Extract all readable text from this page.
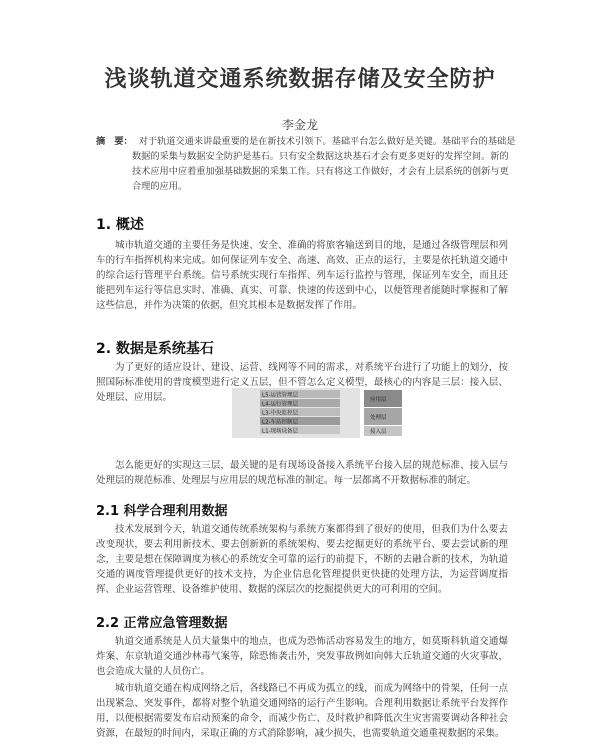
浅谈轨道交通系统数据存储及安全防护
李金龙
摘　要： 对于轨道交通来讲最重要的是在新技术引领下。基础平台怎么做好是关键。基础平台的基础是数据的采集与数据安全防护是基石。只有安全数据这块基石才会有更多更好的发挥空间。新的技术应用中应着重加强基础数据的采集工作。只有将这工作做好，才会有上层系统的创新与更合理的应用。
1. 概述
城市轨道交通的主要任务是快速、安全、准确的将旅客输送到目的地，是通过各级管理层和列车的行车指挥机构来完成。如何保证列车安全、高速、高效、正点的运行，主要是依托轨道交通中的综合运行管理平台系统。信号系统实现行车指挥、列车运行监控与管理，保证列车安全，而且还能把列车运行等信息实时、准确、真实、可靠、快速的传送到中心，以便管理者能随时掌握和了解这些信息，并作为决策的依据，但究其根本是数据发挥了作用。
2. 数据是系统基石
为了更好的适应设计、建设、运营、线网等不同的需求，对系统平台进行了功能上的划分，按照国际标准使用的普度模型进行定义五层，但不管怎么定义模型，最核心的内容是三层：接入层、处理层、应用层。	L5-运营管理层
L4-运行管理层
L3-中央监控层
L2-车站控制层
L1-现场设备层
应用层
处理层
接入层
怎么能更好的实现这三层，最关键的是有现场设备接入系统平台接入层的规范标准、接入层与处理层的规范标准、处理层与应用层的规范标准的制定。每一层都离不开数据标准的制定。
2.1 科学合理利用数据
技术发展到今天，轨道交通传统系统架构与系统方案都得到了很好的使用，但我们为什么要去改变现状，要去利用新技术、要去创新新的系统架构、要去挖掘更好的系统平台、要去尝试新的理念，主要是想在保障调度为核心的系统安全可靠的运行的前提下，不断的去融合新的技术，为轨道交通的调度管理提供更好的技术支持，为企业信息化管理提供更快捷的处理方法，为运营调度指挥、企业运营管理、设备维护使用、数据的深层次的挖掘提供更大的可利用的空间。
2.2 正常应急管理数据
轨道交通系统是人员大量集中的地点，也成为恐怖活动容易发生的地方，如莫斯科轨道交通爆炸案、东京轨道交通沙林毒气案等，除恐怖袭击外，突发事故例如向韩大丘轨道交通的火灾事故，也会造成大量的人员伤亡。
城市轨道交通在构成网络之后，各线路已不再成为孤立的线，而成为网络中的骨架，任何一点出现紧急、突发事件，都将对整个轨道交通网络的运行产生影响。合理利用数据让系统平台发挥作用，以便根据需要发布启动预案的命令，而减少伤亡、及时救护和降低次生灾害需要调动各种社会资源，在最短的时间内，采取正确的方式消除影响，减少损失，也需要轨道交通重视数据的采集。
